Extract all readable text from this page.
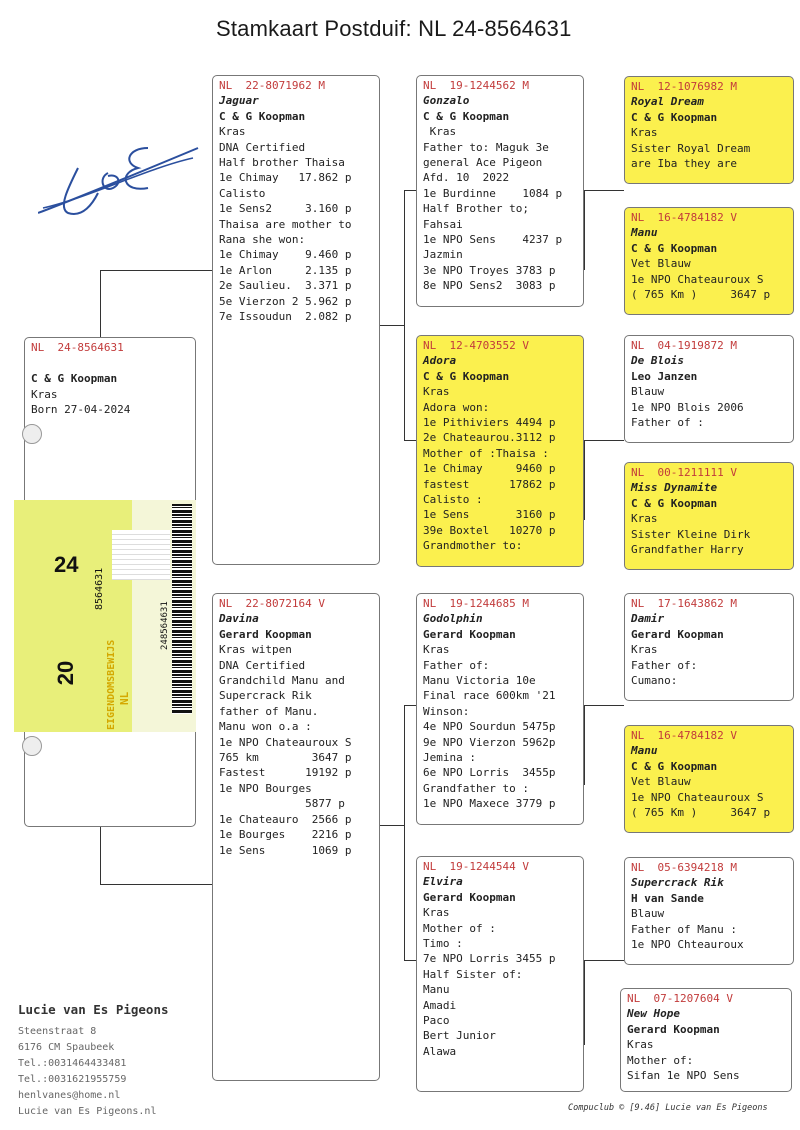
Stamkaart Postduif: NL 24-8564631
NL  24-8564631
C & G Koopman
Kras
Born 27-04-2024
24
20
8564631
EIGENDOMSBEWIJS NL
248564631
NL  22-8071962 M
Jaguar
C & G Koopman
Kras
DNA Certified
Half brother Thaisa
1e Chimay   17.862 p
Calisto
1e Sens2     3.160 p
Thaisa are mother to
Rana she won:
1e Chimay    9.460 p
1e Arlon     2.135 p
2e Saulieu.  3.371 p
5e Vierzon 2 5.962 p
7e Issoudun  2.082 p
NL  22-8072164 V
Davina
Gerard Koopman
Kras witpen
DNA Certified
Grandchild Manu and
Supercrack Rik
father of Manu.
Manu won o.a :
1e NPO Chateauroux S
765 km        3647 p
Fastest      19192 p
1e NPO Bourges
5877 p
1e Chateauro  2566 p
1e Bourges    2216 p
1e Sens       1069 p
NL  19-1244562 M
Gonzalo
C & G Koopman
Kras
Father to: Maguk 3e
general Ace Pigeon
Afd. 10  2022
1e Burdinne    1084 p
Half Brother to;
Fahsai
1e NPO Sens    4237 p
Jazmin
3e NPO Troyes 3783 p
8e NPO Sens2  3083 p
NL  12-4703552 V
Adora
C & G Koopman
Kras
Adora won:
1e Pithiviers 4494 p
2e Chateaurou.3112 p
Mother of :Thaisa :
1e Chimay     9460 p
fastest      17862 p
Calisto :
1e Sens       3160 p
39e Boxtel   10270 p
Grandmother to:
NL  19-1244685 M
Godolphin
Gerard Koopman
Kras
Father of:
Manu Victoria 10e
Final race 600km '21
Winson:
4e NPO Sourdun 5475p
9e NPO Vierzon 5962p
Jemina :
6e NPO Lorris  3455p
Grandfather to :
1e NPO Maxece 3779 p
NL  19-1244544 V
Elvira
Gerard Koopman
Kras
Mother of :
Timo :
7e NPO Lorris 3455 p
Half Sister of:
Manu
Amadi
Paco
Bert Junior
Alawa
NL  12-1076982 M
Royal Dream
C & G Koopman
Kras
Sister Royal Dream
are Iba they are
NL  16-4784182 V
Manu
C & G Koopman
Vet Blauw
1e NPO Chateauroux S
( 765 Km )     3647 p
NL  04-1919872 M
De Blois
Leo Janzen
Blauw
1e NPO Blois 2006
Father of :
NL  00-1211111 V
Miss Dynamite
C & G Koopman
Kras
Sister Kleine Dirk
Grandfather Harry
NL  17-1643862 M
Damir
Gerard Koopman
Kras
Father of:
Cumano:
NL  16-4784182 V
Manu
C & G Koopman
Vet Blauw
1e NPO Chateauroux S
( 765 Km )     3647 p
NL  05-6394218 M
Supercrack Rik
H van Sande
Blauw
Father of Manu :
1e NPO Chteauroux
NL  07-1207604 V
New Hope
Gerard Koopman
Kras
Mother of:
Sifan 1e NPO Sens
Lucie van Es Pigeons
Steenstraat 8
6176 CM Spaubeek
Tel.:0031464433481
Tel.:0031621955759
henlvanes@home.nl
Lucie van Es Pigeons.nl	Compuclub © [9.46] Lucie van Es Pigeons
